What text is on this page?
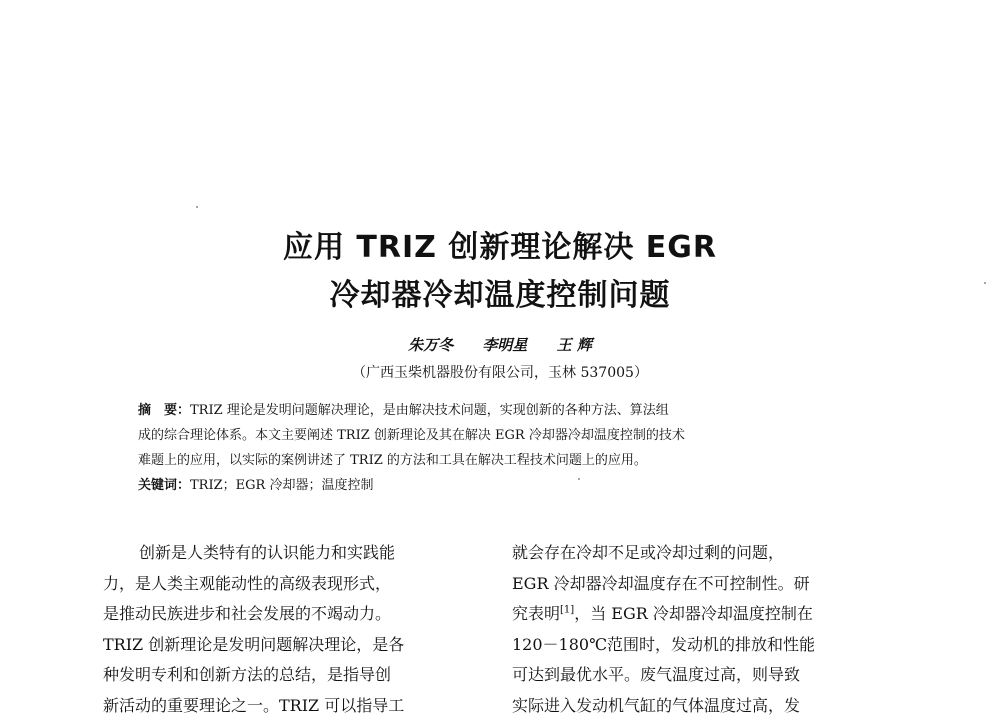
应用 TRIZ 创新理论解决 EGR
冷却器冷却温度控制问题
朱万冬 李明星 王 辉
（广西玉柴机器股份有限公司，玉林 537005）
摘　要：TRIZ 理论是发明问题解决理论，是由解决技术问题，实现创新的各种方法、算法组
成的综合理论体系。本文主要阐述 TRIZ 创新理论及其在解决 EGR 冷却器冷却温度控制的技术
难题上的应用，以实际的案例讲述了 TRIZ 的方法和工具在解决工程技术问题上的应用。
关键词：TRIZ；EGR 冷却器；温度控制
创新是人类特有的认识能力和实践能
力，是人类主观能动性的高级表现形式，
是推动民族进步和社会发展的不竭动力。
TRIZ 创新理论是发明问题解决理论，是各
种发明专利和创新方法的总结，是指导创
新活动的重要理论之一。TRIZ 可以指导工
就会存在冷却不足或冷却过剩的问题，
EGR 冷却器冷却温度存在不可控制性。研
究表明[1]，当 EGR 冷却器冷却温度控制在
120－180℃范围时，发动机的排放和性能
可达到最优水平。废气温度过高，则导致
实际进入发动机气缸的气体温度过高，发
